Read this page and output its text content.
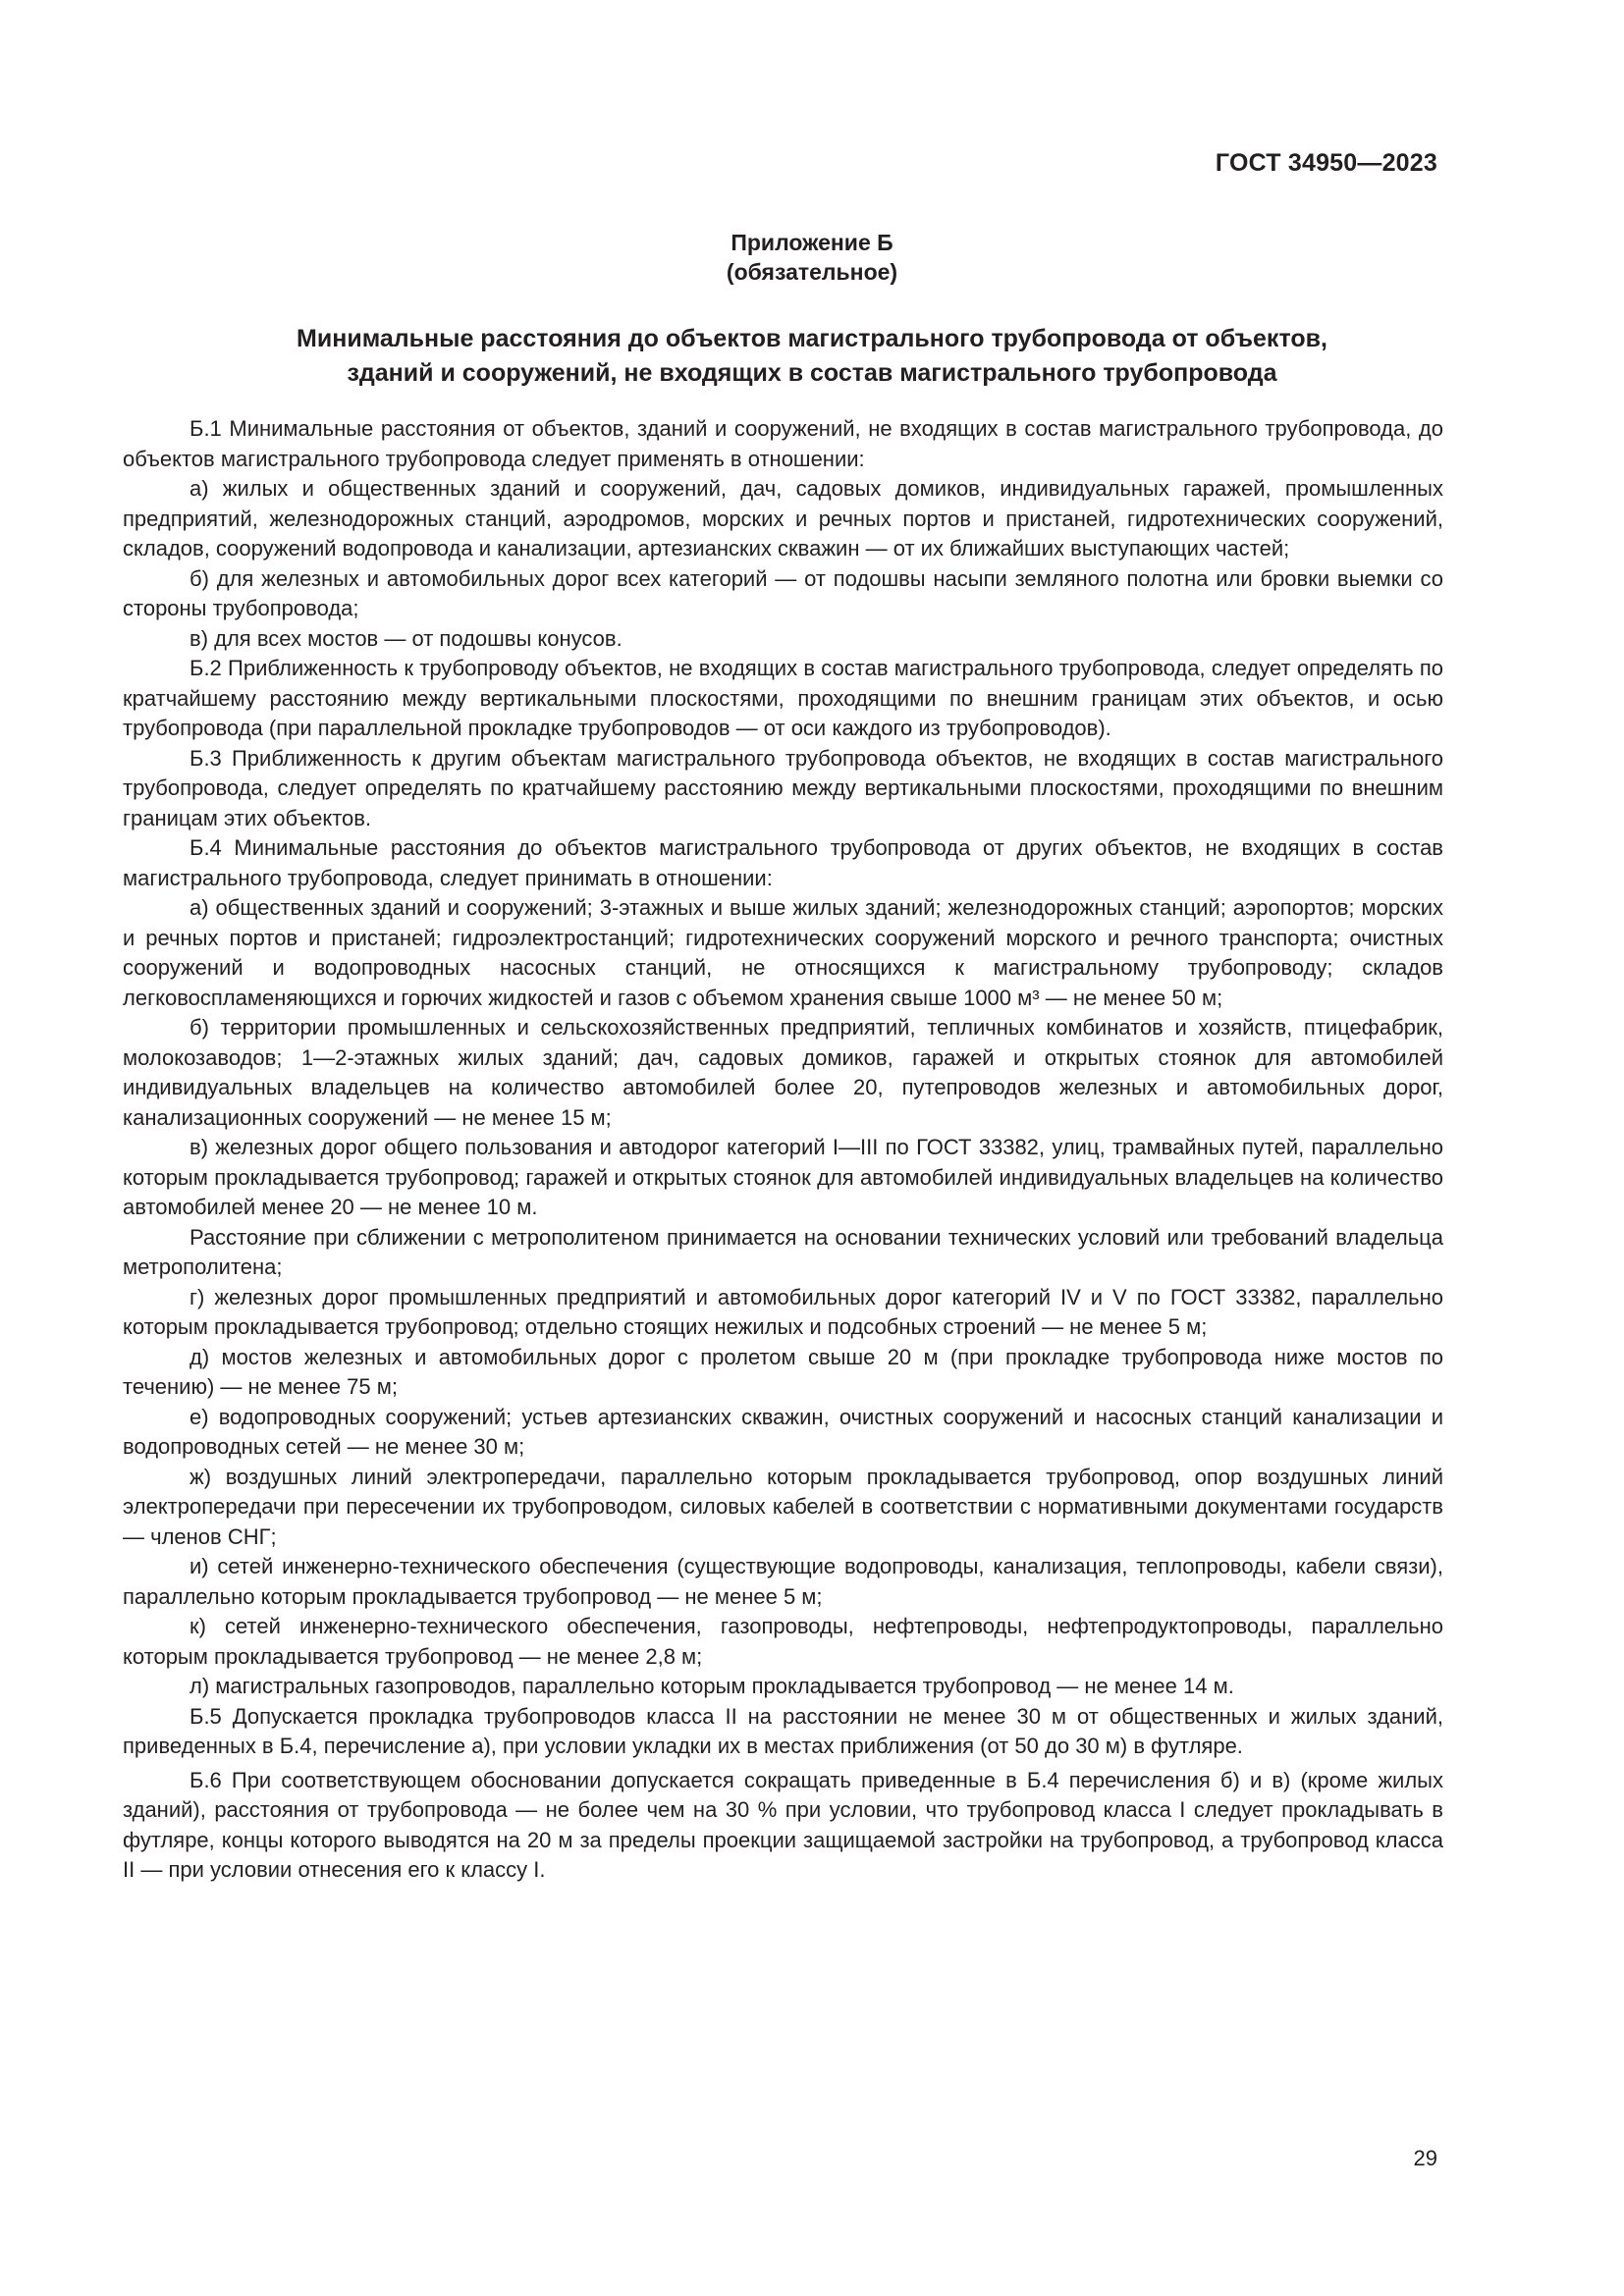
ГОСТ 34950—2023
Приложение Б
(обязательное)
Минимальные расстояния до объектов магистрального трубопровода от объектов,
зданий и сооружений, не входящих в состав магистрального трубопровода

Б.1 Минимальные расстояния от объектов, зданий и сооружений, не входящих в состав магистрального трубопровода, до объектов магистрального трубопровода следует применять в отношении:

а) жилых и общественных зданий и сооружений, дач, садовых домиков, индивидуальных гаражей, промышленных предприятий, железнодорожных станций, аэродромов, морских и речных портов и пристаней, гидротехнических сооружений, складов, сооружений водопровода и канализации, артезианских скважин — от их ближайших выступающих частей;

б) для железных и автомобильных дорог всех категорий — от подошвы насыпи земляного полотна или бровки выемки со стороны трубопровода;

в) для всех мостов — от подошвы конусов.

Б.2 Приближенность к трубопроводу объектов, не входящих в состав магистрального трубопровода, следует определять по кратчайшему расстоянию между вертикальными плоскостями, проходящими по внешним границам этих объектов, и осью трубопровода (при параллельной прокладке трубопроводов — от оси каждого из трубопроводов).

Б.3 Приближенность к другим объектам магистрального трубопровода объектов, не входящих в состав магистрального трубопровода, следует определять по кратчайшему расстоянию между вертикальными плоскостями, проходящими по внешним границам этих объектов.

Б.4 Минимальные расстояния до объектов магистрального трубопровода от других объектов, не входящих в состав магистрального трубопровода, следует принимать в отношении:

а) общественных зданий и сооружений; 3-этажных и выше жилых зданий; железнодорожных станций; аэропортов; морских и речных портов и пристаней; гидроэлектростанций; гидротехнических сооружений морского и речного транспорта; очистных сооружений и водопроводных насосных станций, не относящихся к магистральному трубопроводу; складов легковоспламеняющихся и горючих жидкостей и газов с объемом хранения свыше 1000 м³ — не менее 50 м;

б) территории промышленных и сельскохозяйственных предприятий, тепличных комбинатов и хозяйств, птицефабрик, молокозаводов; 1—2-этажных жилых зданий; дач, садовых домиков, гаражей и открытых стоянок для автомобилей индивидуальных владельцев на количество автомобилей более 20, путепроводов железных и автомобильных дорог, канализационных сооружений — не менее 15 м;

в) железных дорог общего пользования и автодорог категорий I—III по ГОСТ 33382, улиц, трамвайных путей, параллельно которым прокладывается трубопровод; гаражей и открытых стоянок для автомобилей индивидуальных владельцев на количество автомобилей менее 20 — не менее 10 м.

Расстояние при сближении с метрополитеном принимается на основании технических условий или требований владельца метрополитена;

г) железных дорог промышленных предприятий и автомобильных дорог категорий IV и V по ГОСТ 33382, параллельно которым прокладывается трубопровод; отдельно стоящих нежилых и подсобных строений — не менее 5 м;

д) мостов железных и автомобильных дорог с пролетом свыше 20 м (при прокладке трубопровода ниже мостов по течению) — не менее 75 м;

е) водопроводных сооружений; устьев артезианских скважин, очистных сооружений и насосных станций канализации и водопроводных сетей — не менее 30 м;

ж) воздушных линий электропередачи, параллельно которым прокладывается трубопровод, опор воздушных линий электропередачи при пересечении их трубопроводом, силовых кабелей в соответствии с нормативными документами государств — членов СНГ;

и) сетей инженерно-технического обеспечения (существующие водопроводы, канализация, теплопроводы, кабели связи), параллельно которым прокладывается трубопровод — не менее 5 м;

к) сетей инженерно-технического обеспечения, газопроводы, нефтепроводы, нефтепродуктопроводы, параллельно которым прокладывается трубопровод — не менее 2,8 м;

л) магистральных газопроводов, параллельно которым прокладывается трубопровод — не менее 14 м.

Б.5 Допускается прокладка трубопроводов класса II на расстоянии не менее 30 м от общественных и жилых зданий, приведенных в Б.4, перечисление а), при условии укладки их в местах приближения (от 50 до 30 м) в футляре.

Б.6 При соответствующем обосновании допускается сокращать приведенные в Б.4 перечисления б) и в) (кроме жилых зданий), расстояния от трубопровода — не более чем на 30 % при условии, что трубопровод класса I следует прокладывать в футляре, концы которого выводятся на 20 м за пределы проекции защищаемой застройки на трубопровод, а трубопровод класса II — при условии отнесения его к классу I.

29
